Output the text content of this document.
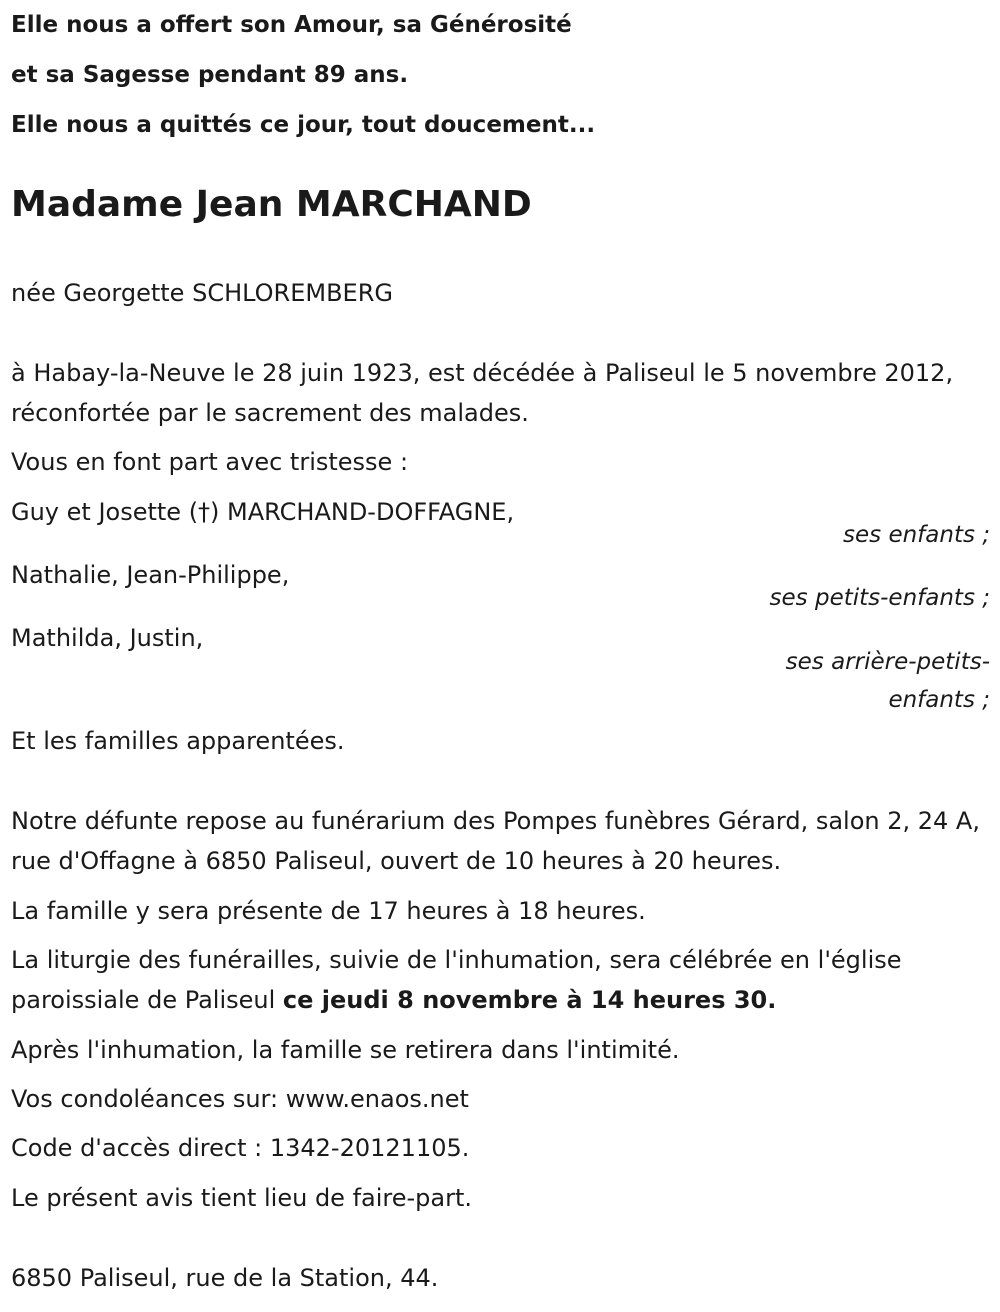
Elle nous a offert son Amour, sa Générosité

et sa Sagesse pendant 89 ans.

Elle nous a quittés ce jour, tout doucement...

Madame Jean MARCHAND

née Georgette SCHLOREMBERG

à Habay-la-Neuve le 28 juin 1923, est décédée à Paliseul le 5 novembre 2012, réconfortée par le sacrement des malades.

Vous en font part avec tristesse :

Guy et Josette (†) MARCHAND-DOFFAGNE,

ses enfants ;

Nathalie, Jean-Philippe,

ses petits-enfants ;

Mathilda, Justin,

ses arrière-petits-
enfants ;

Et les familles apparentées.

Notre défunte repose au funérarium des Pompes funèbres Gérard, salon 2, 24 A, rue d'Offagne à 6850 Paliseul, ouvert de 10 heures à 20 heures.

La famille y sera présente de 17 heures à 18 heures.

La liturgie des funérailles, suivie de l'inhumation, sera célébrée en l'église paroissiale de Paliseul ce jeudi 8 novembre à 14 heures 30.

Après l'inhumation, la famille se retirera dans l'intimité.

Vos condoléances sur: www.enaos.net

Code d'accès direct : 1342-20121105.

Le présent avis tient lieu de faire-part.

6850 Paliseul, rue de la Station, 44.
